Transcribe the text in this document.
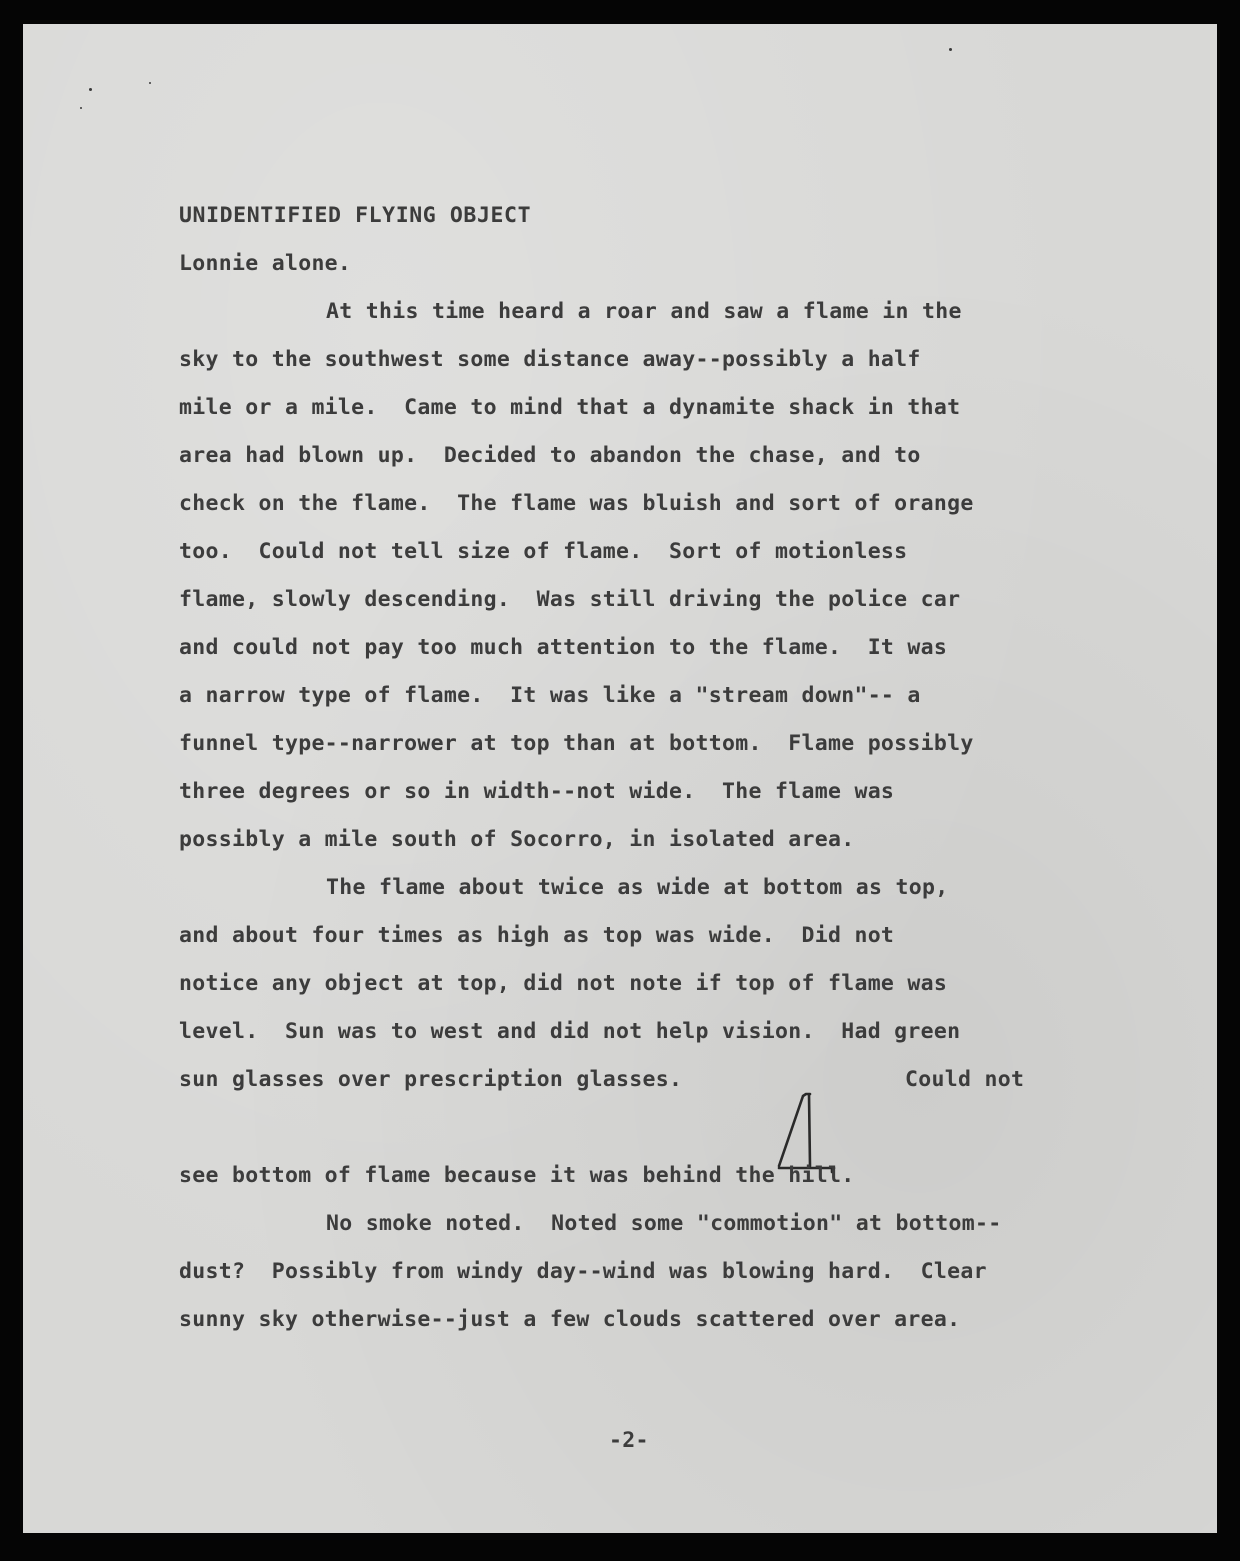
UNIDENTIFIED FLYING OBJECT
Lonnie alone.
At this time heard a roar and saw a flame in the
sky to the southwest some distance away--possibly a half
mile or a mile.  Came to mind that a dynamite shack in that
area had blown up.  Decided to abandon the chase, and to
check on the flame.  The flame was bluish and sort of orange
too.  Could not tell size of flame.  Sort of motionless
flame, slowly descending.  Was still driving the police car
and could not pay too much attention to the flame.  It was
a narrow type of flame.  It was like a "stream down"-- a
funnel type--narrower at top than at bottom.  Flame possibly
three degrees or so in width--not wide.  The flame was
possibly a mile south of Socorro, in isolated area.
The flame about twice as wide at bottom as top,
and about four times as high as top was wide.  Did not
notice any object at top, did not note if top of flame was
level.  Sun was to west and did not help vision.  Had green
sun glasses over prescription glasses.	Could not
see bottom of flame because it was behind the hill.
No smoke noted.  Noted some "commotion" at bottom--
dust?  Possibly from windy day--wind was blowing hard.  Clear
sunny sky otherwise--just a few clouds scattered over area.
-2-
